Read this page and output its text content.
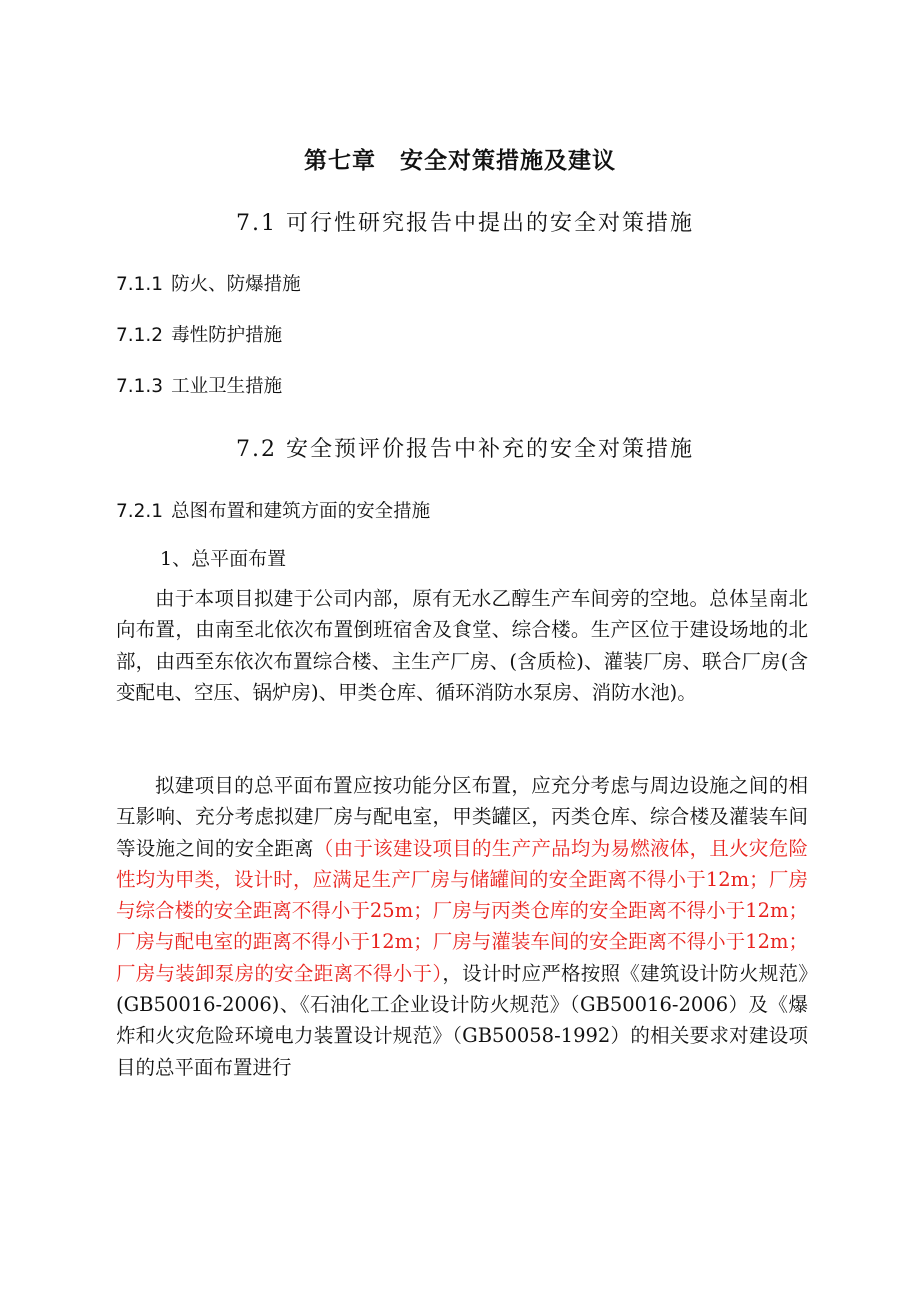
第七章　安全对策措施及建议
7.1 可行性研究报告中提出的安全对策措施
7.1.1 防火、防爆措施
7.1.2 毒性防护措施
7.1.3 工业卫生措施
7.2 安全预评价报告中补充的安全对策措施
7.2.1 总图布置和建筑方面的安全措施
1、总平面布置

由于本项目拟建于公司内部，原有无水乙醇生产车间旁的空地。总体呈南北向布置，由南至北依次布置倒班宿舍及食堂、综合楼。生产区位于建设场地的北部，由西至东依次布置综合楼、主生产厂房、(含质检)、灌装厂房、联合厂房(含变配电、空压、锅炉房)、甲类仓库、循环消防水泵房、消防水池)。

拟建项目的总平面布置应按功能分区布置，应充分考虑与周边设施之间的相互影响、充分考虑拟建厂房与配电室，甲类罐区，丙类仓库、综合楼及灌装车间等设施之间的安全距离（由于该建设项目的生产产品均为易燃液体，且火灾危险性均为甲类，设计时，应满足生产厂房与储罐间的安全距离不得小于12m；厂房与综合楼的安全距离不得小于25m；厂房与丙类仓库的安全距离不得小于12m；厂房与配电室的距离不得小于12m；厂房与灌装车间的安全距离不得小于12m；厂房与装卸泵房的安全距离不得小于），设计时应严格按照《建筑设计防火规范》(GB50016-2006)、《石油化工企业设计防火规范》（GB50016-2006）及《爆炸和火灾危险环境电力装置设计规范》（GB50058-1992）的相关要求对建设项目的总平面布置进行
